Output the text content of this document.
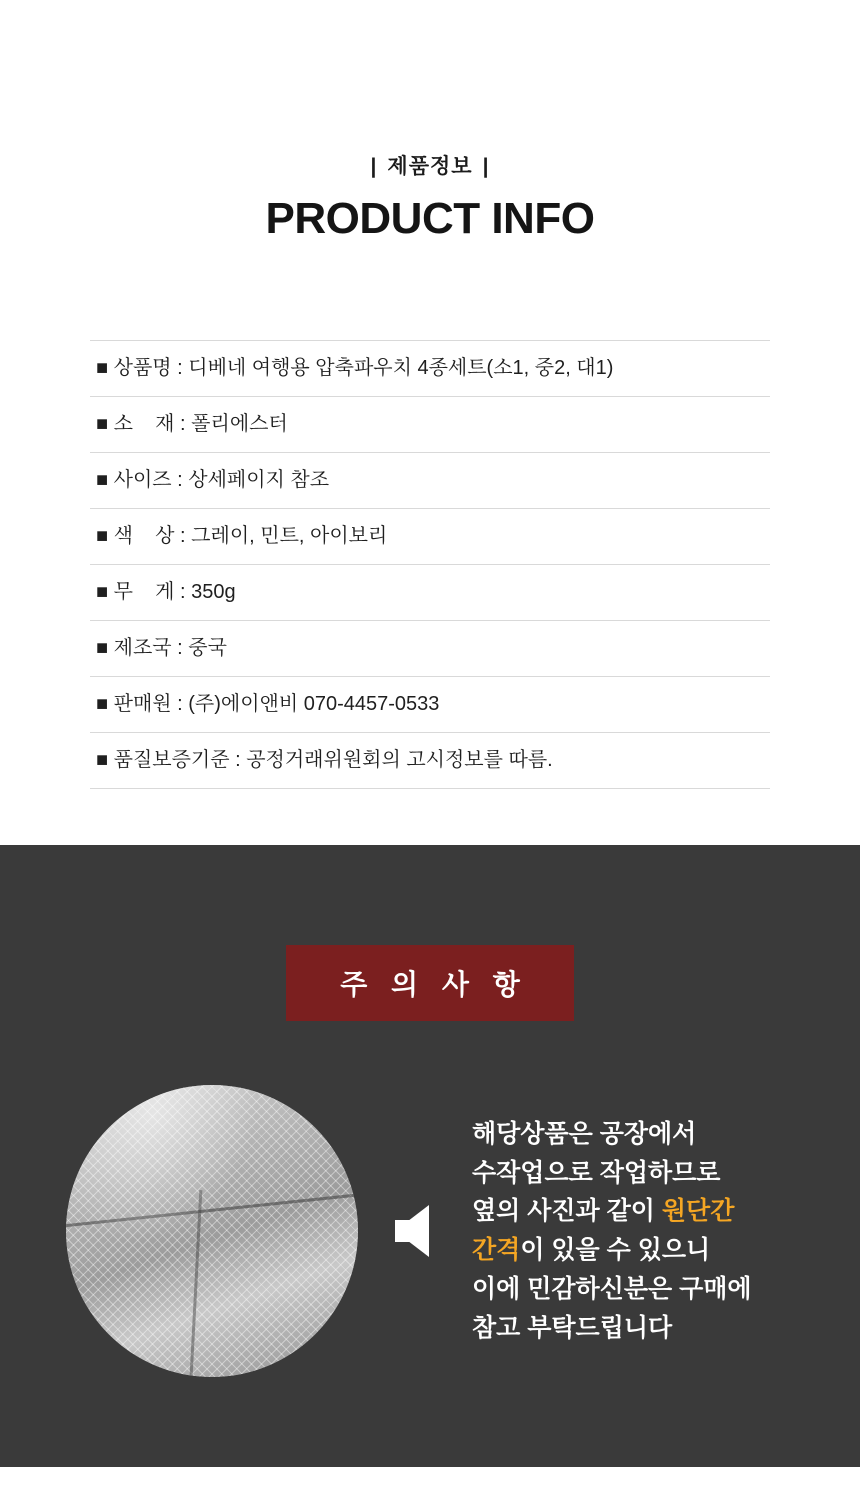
| 제품정보 |
PRODUCT INFO
■ 상품명 : 디베네 여행용 압축파우치 4종세트(소1, 중2, 대1)
■ 소    재 : 폴리에스터
■ 사이즈 : 상세페이지 참조
■ 색    상 : 그레이, 민트, 아이보리
■ 무    게 : 350g
■ 제조국 : 중국
■ 판매원 : (주)에이앤비 070-4457-0533
■ 품질보증기준 : 공정거래위원회의 고시정보를 따름.
주 의 사 항
해당상품은 공장에서
수작업으로 작업하므로
옆의 사진과 같이 원단간
간격이 있을 수 있으니
이에 민감하신분은 구매에
참고 부탁드립니다
